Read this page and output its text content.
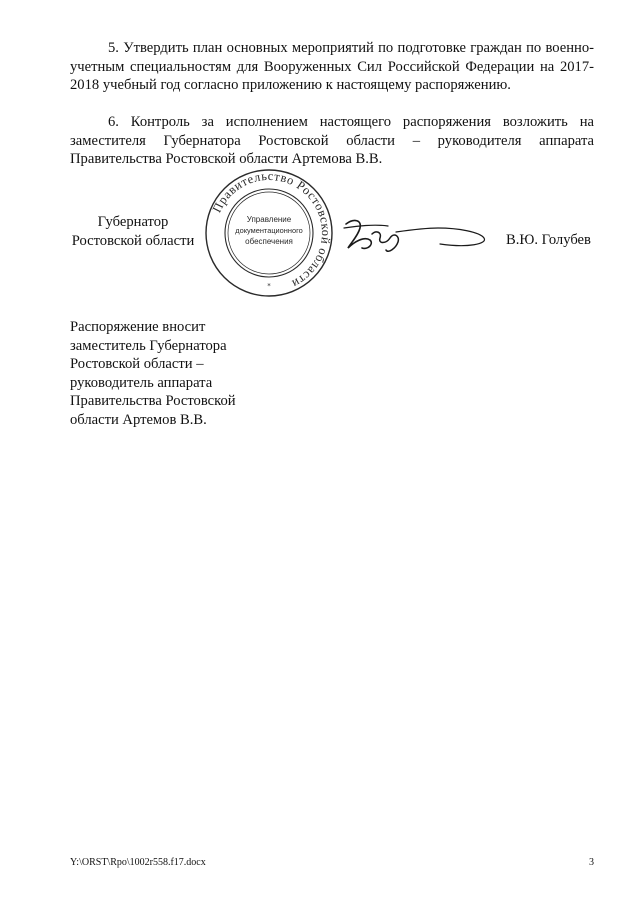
5. Утвердить план основных мероприятий по подготовке граждан по военно-учетным специальностям для Вооруженных Сил Российской Федерации на 2017-2018 учебный год согласно приложению к настоящему распоряжению.

6. Контроль за исполнением настоящего распоряжения возложить на заместителя Губернатора Ростовской области – руководителя аппарата Правительства Ростовской области Артемова В.В.

Губернатор
Ростовской области
Правительство Ростовской области
Управление
документационного
обеспечения
*
В.Ю. Голубев
Распоряжение вносит
заместитель Губернатора
Ростовской области –
руководитель аппарата
Правительства Ростовской
области Артемов В.В.
Y:\ORST\Rpo\1002r558.f17.docx	3
